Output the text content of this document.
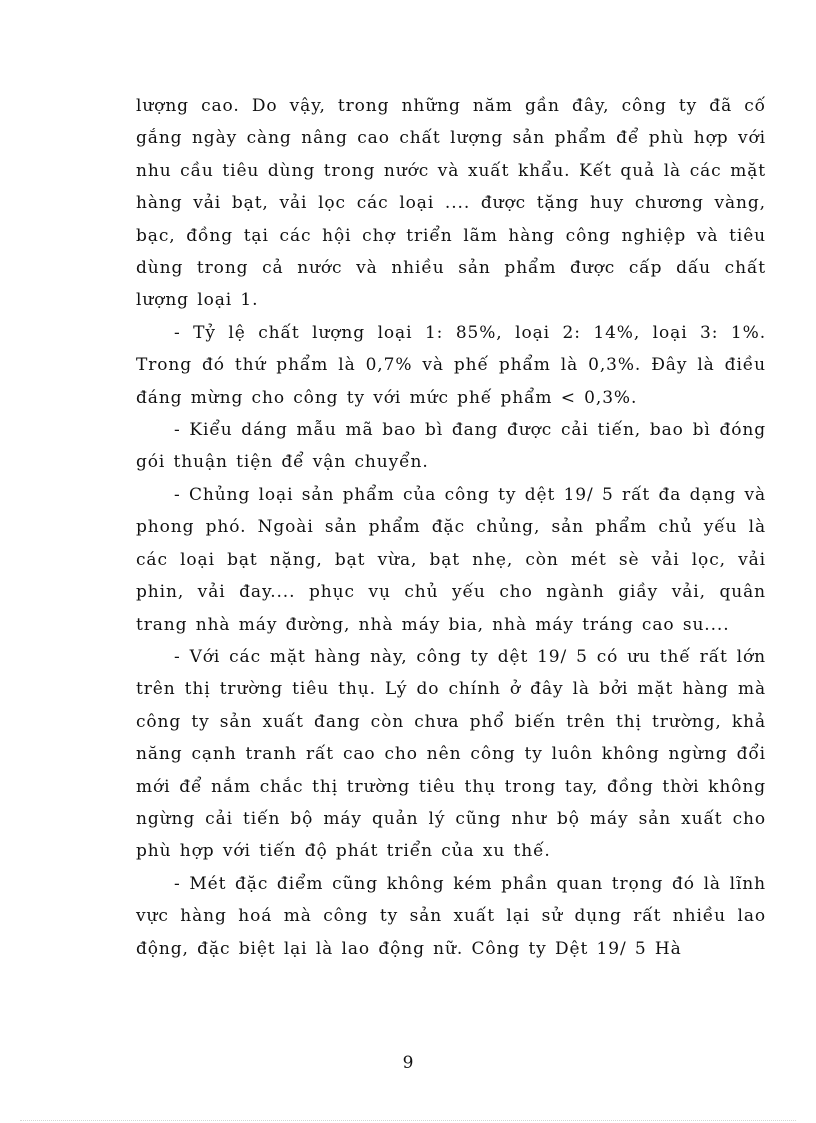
lượng cao. Do vậy, trong những năm gần đây, công ty đã cố gắng ngày càng nâng cao chất lượng sản phẩm để phù hợp với nhu cầu tiêu dùng trong nước và xuất khẩu. Kết quả là các mặt hàng vải bạt, vải lọc các loại .... được tặng huy chương vàng, bạc, đồng tại các hội chợ triển lãm hàng công nghiệp và tiêu dùng trong cả nước và nhiều sản phẩm được cấp dấu chất lượng loại 1.

- Tỷ lệ chất lượng loại 1: 85%, loại 2: 14%, loại 3: 1%. Trong đó thứ phẩm là 0,7% và phế phẩm là 0,3%. Đây là điều đáng mừng cho công ty với mức phế phẩm < 0,3%.

- Kiểu dáng mẫu mã bao bì đang được cải tiến, bao bì đóng gói thuận tiện để vận chuyển.

- Chủng loại sản phẩm của công ty dệt 19/ 5 rất đa dạng và phong phó. Ngoài sản phẩm đặc chủng, sản phẩm chủ yếu là các loại bạt nặng, bạt vừa, bạt nhẹ, còn mét sè vải lọc, vải phin, vải đay.... phục vụ chủ yếu cho ngành giầy vải, quân trang nhà máy đường, nhà máy bia, nhà máy tráng cao su....

- Với các mặt hàng này, công ty dệt 19/ 5 có ưu thế rất lớn trên thị trường tiêu thụ. Lý do chính ở đây là bởi mặt hàng mà công ty sản xuất đang còn chưa phổ biến trên thị trường, khả năng cạnh tranh rất cao cho nên công ty luôn không ngừng đổi mới để nắm chắc thị trường tiêu thụ trong tay, đồng thời không ngừng cải tiến bộ máy quản lý cũng như bộ máy sản xuất cho phù hợp với tiến độ phát triển của xu thế.

- Mét đặc điểm cũng không kém phần quan trọng đó là lĩnh vực hàng hoá mà công ty sản xuất lại sử dụng rất nhiều lao động, đặc biệt lại là lao động nữ. Công ty Dệt 19/ 5 Hà

9
